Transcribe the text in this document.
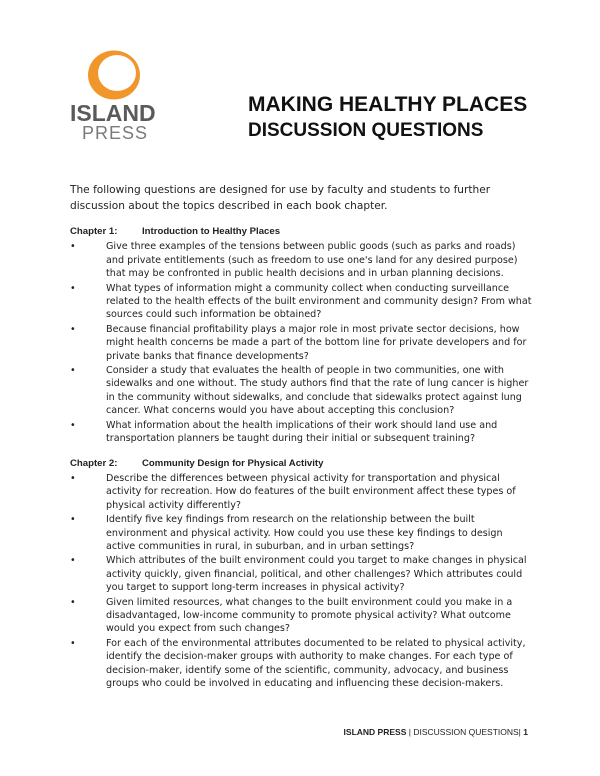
ISLAND
PRESS
MAKING HEALTHY PLACES
DISCUSSION QUESTIONS

The following questions are designed for use by faculty and students to further discussion about the topics described in each book chapter.

Chapter 1:	Introduction to Healthy Places
•	Give three examples of the tensions between public goods (such as parks and roads) and private entitlements (such as freedom to use one's land for any desired purpose) that may be confronted in public health decisions and in urban planning decisions.
•	What types of information might a community collect when conducting surveillance related to the health effects of the built environment and community design? From what sources could such information be obtained?
•	Because financial profitability plays a major role in most private sector decisions, how might health concerns be made a part of the bottom line for private developers and for private banks that finance developments?
•	Consider a study that evaluates the health of people in two communities, one with sidewalks and one without. The study authors find that the rate of lung cancer is higher in the community without sidewalks, and conclude that sidewalks protect against lung cancer. What concerns would you have about accepting this conclusion?
•	What information about the health implications of their work should land use and transportation planners be taught during their initial or subsequent training?
Chapter 2:	Community Design for Physical Activity
•	Describe the differences between physical activity for transportation and physical activity for recreation. How do features of the built environment affect these types of physical activity differently?
•	Identify five key findings from research on the relationship between the built environment and physical activity. How could you use these key findings to design active communities in rural, in suburban, and in urban settings?
•	Which attributes of the built environment could you target to make changes in physical activity quickly, given financial, political, and other challenges? Which attributes could you target to support long-term increases in physical activity?
•	Given limited resources, what changes to the built environment could you make in a disadvantaged, low-income community to promote physical activity? What outcome would you expect from such changes?
•	For each of the environmental attributes documented to be related to physical activity, identify the decision-maker groups with authority to make changes. For each type of decision-maker, identify some of the scientific, community, advocacy, and business groups who could be involved in educating and influencing these decision-makers.
ISLAND PRESS | DISCUSSION QUESTIONS| 1
